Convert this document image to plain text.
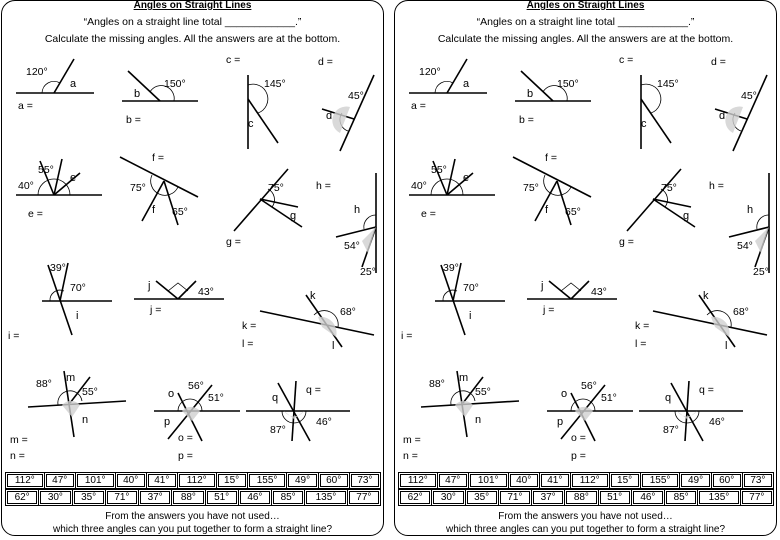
Angles on Straight Lines
“Angles on a straight line total ____________.”
Calculate the missing angles. All the answers are at the bottom.
120°
150°	145°
45°
55°
40°	75°
65°
75°
54°
25°
39°
70°	43°
68°
88°
55°	56°
51°
87°
46°
a
b
c
d
e
f	g	h
i
j
k
l
m
n
o
p
q
a =
b =
c =	d =
e =
f =
g =
h =
i =
j =
k =
l =
m =
n =
o =
p =
q =
112°	47°	101°	40°	41°	112°	15°	155°	49°	60°	73°
62°	30°	35°	71°	37°	88°	51°	46°	85°	135°	77°
From the answers you have not used…
which three angles can you put together to form a straight line?
Angles on Straight Lines
“Angles on a straight line total ____________.”
Calculate the missing angles. All the answers are at the bottom.
120°
150°	145°
45°
55°
40°	75°
65°
75°
54°
25°
39°
70°	43°
68°
88°
55°	56°
51°
87°
46°
a
b
c
d
e
f	g	h
i
j
k
l
m
n
o
p
q
a =
b =
c =	d =
e =
f =
g =
h =
i =
j =
k =
l =
m =
n =
o =
p =
q =
112°	47°	101°	40°	41°	112°	15°	155°	49°	60°	73°
62°	30°	35°	71°	37°	88°	51°	46°	85°	135°	77°
From the answers you have not used…
which three angles can you put together to form a straight line?
